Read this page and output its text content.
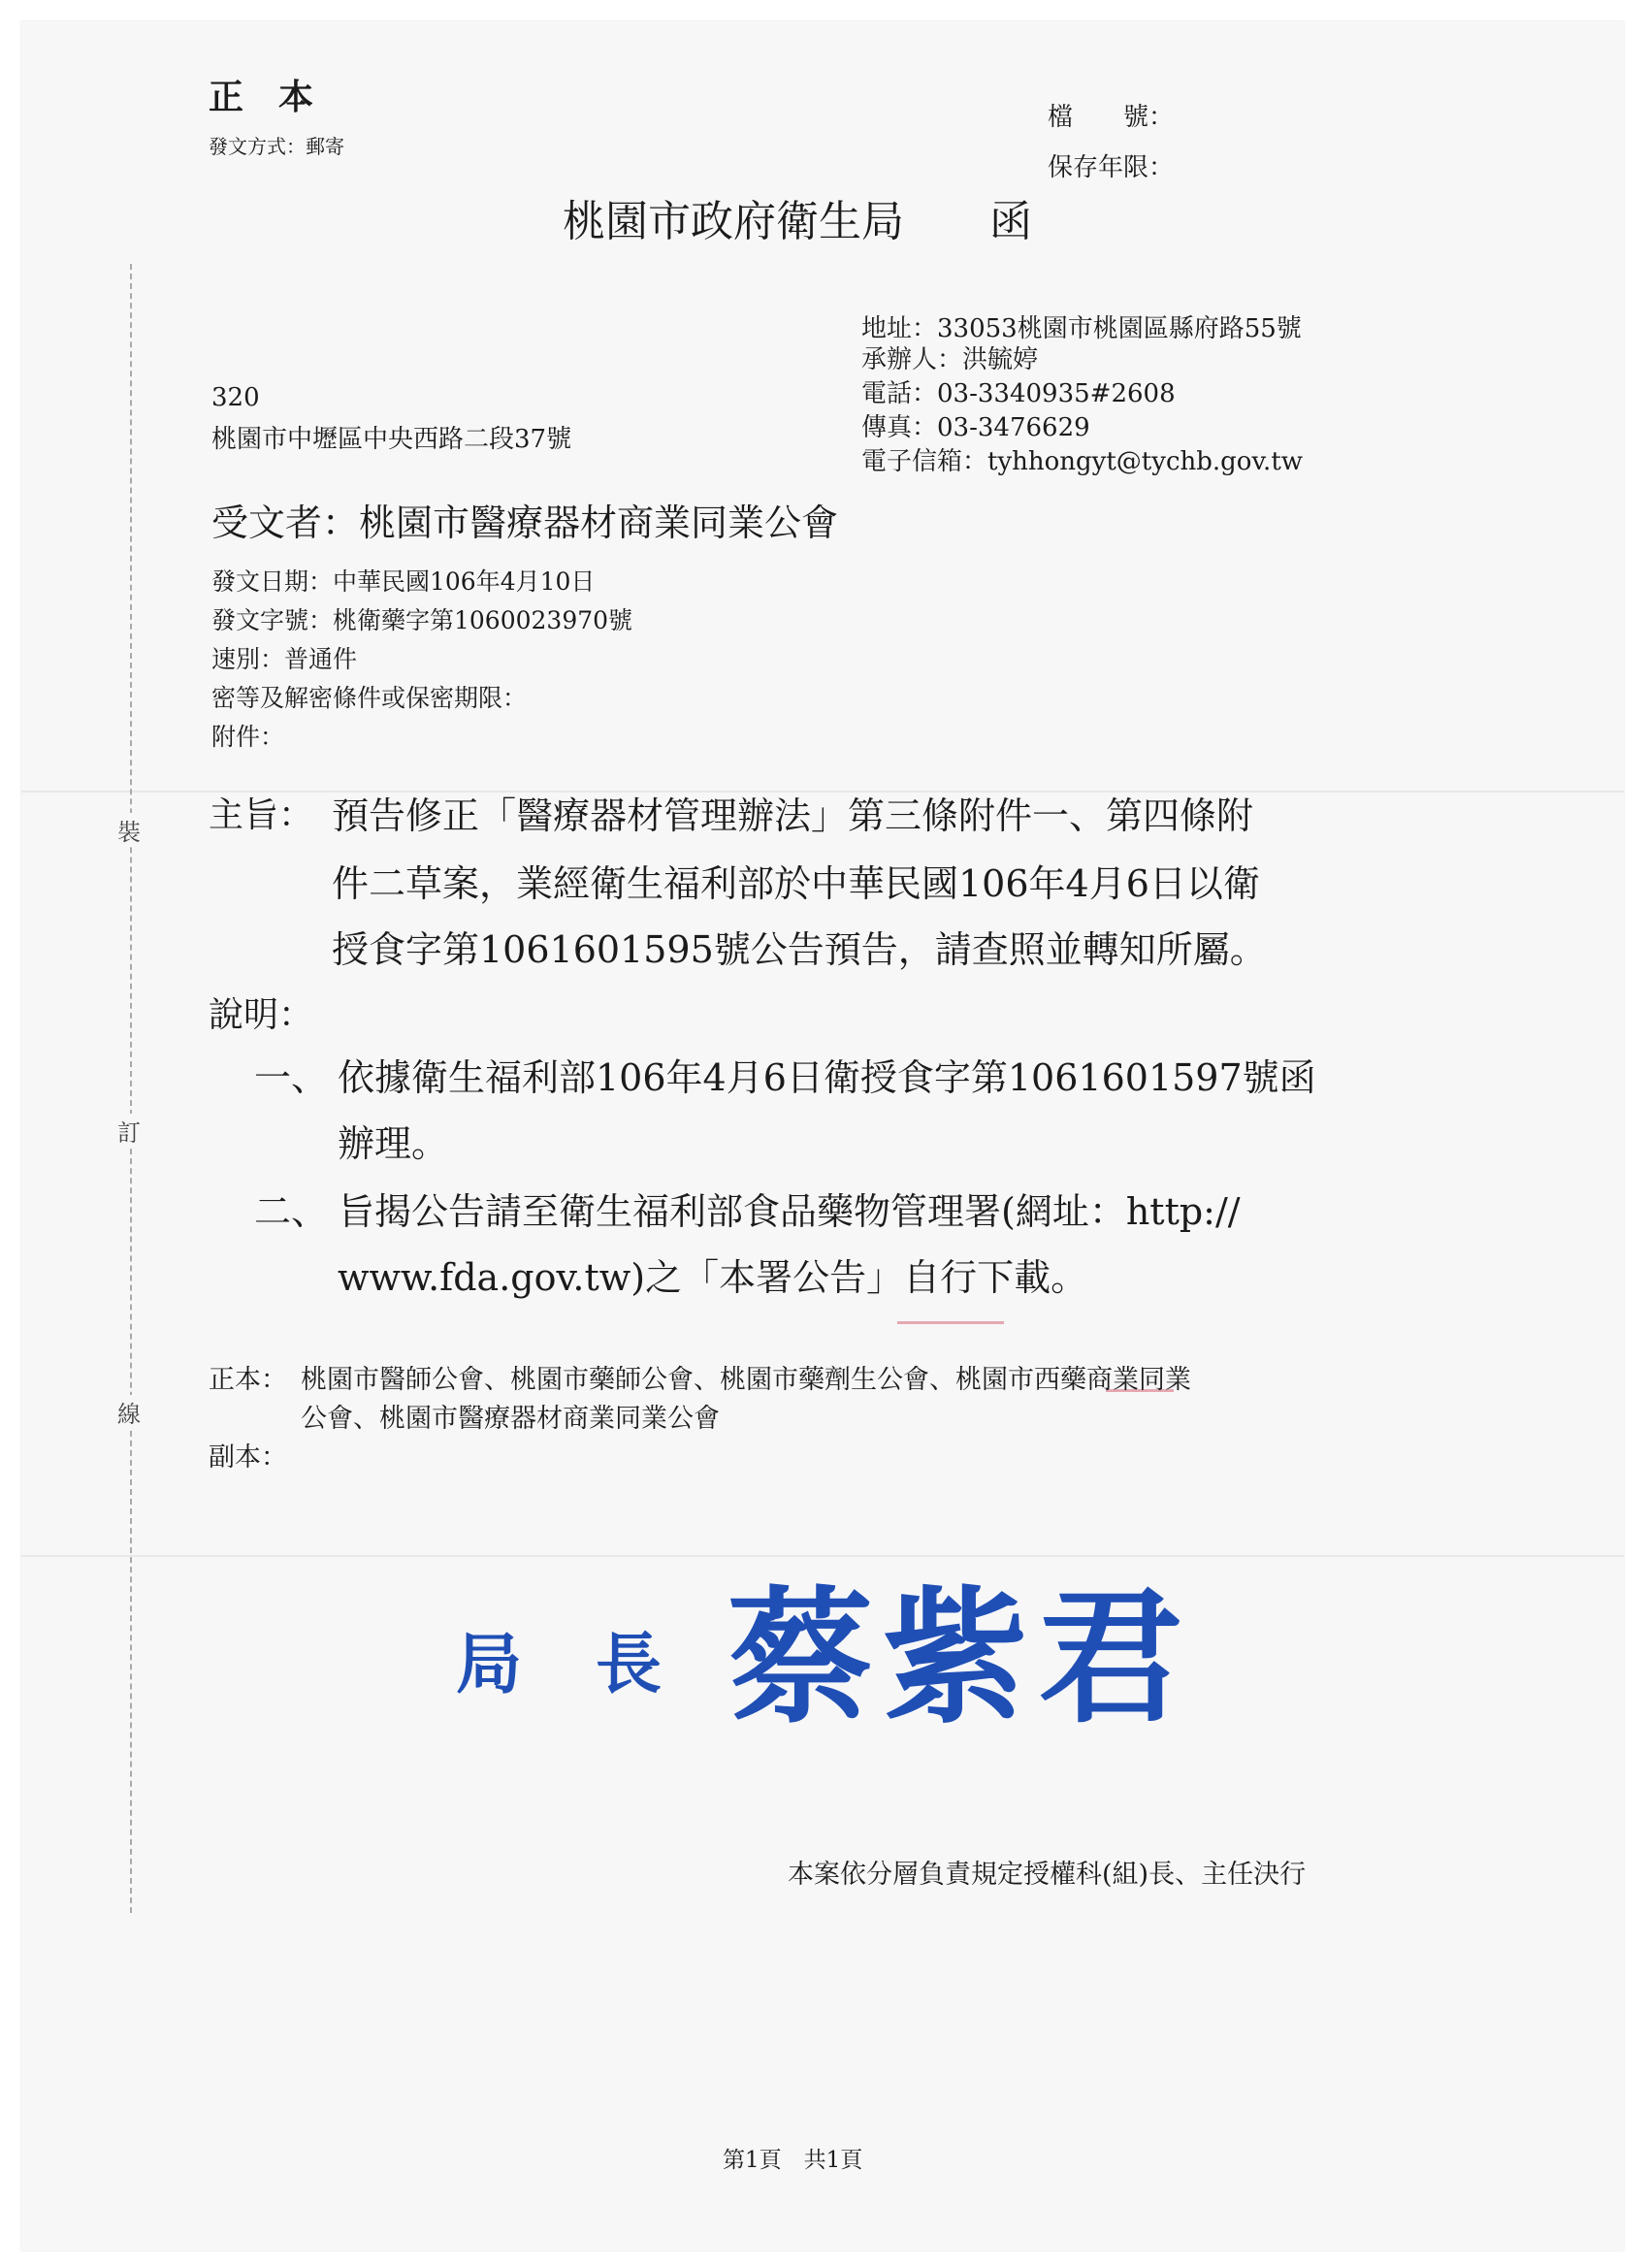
裝
訂
線
正　本
發文方式：郵寄
檔　　號：
保存年限：
桃園市政府衛生局　　函
地址：33053桃園市桃園區縣府路55號
承辦人：洪毓婷
電話：03-3340935#2608
傳真：03-3476629
電子信箱：tyhhongyt@tychb.gov.tw
320
桃園市中壢區中央西路二段37號
受文者：桃園市醫療器材商業同業公會
發文日期：中華民國106年4月10日
發文字號：桃衛藥字第1060023970號
速別：普通件
密等及解密條件或保密期限：
附件：
主旨： 預告修正「醫療器材管理辦法」第三條附件一、第四條附
件二草案，業經衛生福利部於中華民國106年4月6日以衛
授食字第1061601595號公告預告，請查照並轉知所屬。
說明：
一、 依據衛生福利部106年4月6日衛授食字第1061601597號函
辦理。
二、 旨揭公告請至衛生福利部食品藥物管理署(網址：http://
www.fda.gov.tw)之「本署公告」自行下載。
正本： 桃園市醫師公會、桃園市藥師公會、桃園市藥劑生公會、桃園市西藥商業同業
公會、桃園市醫療器材商業同業公會
副本：
局　長 蔡紫君
本案依分層負責規定授權科(組)長、主任決行
第1頁　共1頁
